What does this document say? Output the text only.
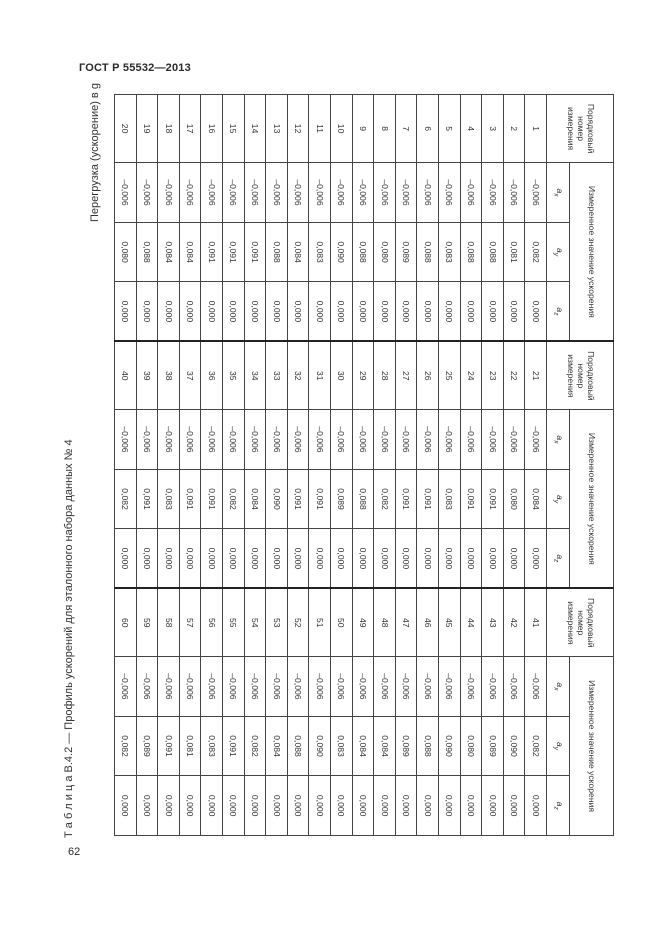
ГОСТ Р 55532—2013
Перегрузка (ускорение) в g
Т а б л и ц а В.4.2 — Профиль ускорений для эталонного набора данных № 4
62
Порядковый номер измерения	Измеренное значение ускорения			Порядковый номер измерения	Измеренное значение ускорения			Порядковый номер измерения	Измеренное значение ускорения		
	$a_x$	$a_y$	$a_z$		$a_x$	$a_y$	$a_z$		$a_x$	$a_y$	$a_z$
1	–0,006	0,082	0,000	21	–0,006	0,084	0,000	41	–0,006	0,082	0,000
2	–0,006	0,081	0,000	22	–0,006	0,080	0,000	42	–0,006	0,090	0,000
3	–0,006	0,088	0,000	23	–0,006	0,091	0,000	43	–0,006	0,089	0,000
4	–0,006	0,088	0,000	24	–0,006	0,091	0,000	44	–0,006	0,080	0,000
5	–0,006	0,083	0,000	25	–0,006	0,083	0,000	45	–0,006	0,090	0,000
6	–0,006	0,088	0,000	26	–0,006	0,091	0,000	46	–0,006	0,088	0,000
7	–0,006	0,089	0,000	27	–0,006	0,091	0,000	47	–0,006	0,089	0,000
8	–0,006	0,080	0,000	28	–0,006	0,082	0,000	48	–0,006	0,084	0,000
9	–0,006	0,088	0,000	29	–0,006	0,088	0,000	49	–0,006	0,084	0,000
10	–0,006	0,090	0,000	30	–0,006	0,089	0,000	50	–0,006	0,083	0,000
11	–0,006	0,083	0,000	31	–0,006	0,091	0,000	51	–0,006	0,090	0,000
12	–0,006	0,084	0,000	32	–0,006	0,091	0,000	52	–0,006	0,088	0,000
13	–0,006	0,088	0,000	33	–0,006	0,090	0,000	53	–0,006	0,084	0,000
14	–0,006	0,091	0,000	34	–0,006	0,084	0,000	54	–0,006	0,082	0,000
15	–0,006	0,091	0,000	35	–0,006	0,082	0,000	55	–0,006	0,091	0,000
16	–0,006	0,091	0,000	36	–0,006	0,091	0,000	56	–0,006	0,083	0,000
17	–0,006	0,084	0,000	37	–0,006	0,091	0,000	57	–0,006	0,081	0,000
18	–0,006	0,084	0,000	38	–0,006	0,083	0,000	58	–0,006	0,091	0,000
19	–0,006	0,088	0,000	39	–0,006	0,091	0,000	59	–0,006	0,089	0,000
20	–0,006	0,080	0,000	40	–0,006	0,082	0,000	60	–0,006	0,082	0,000
